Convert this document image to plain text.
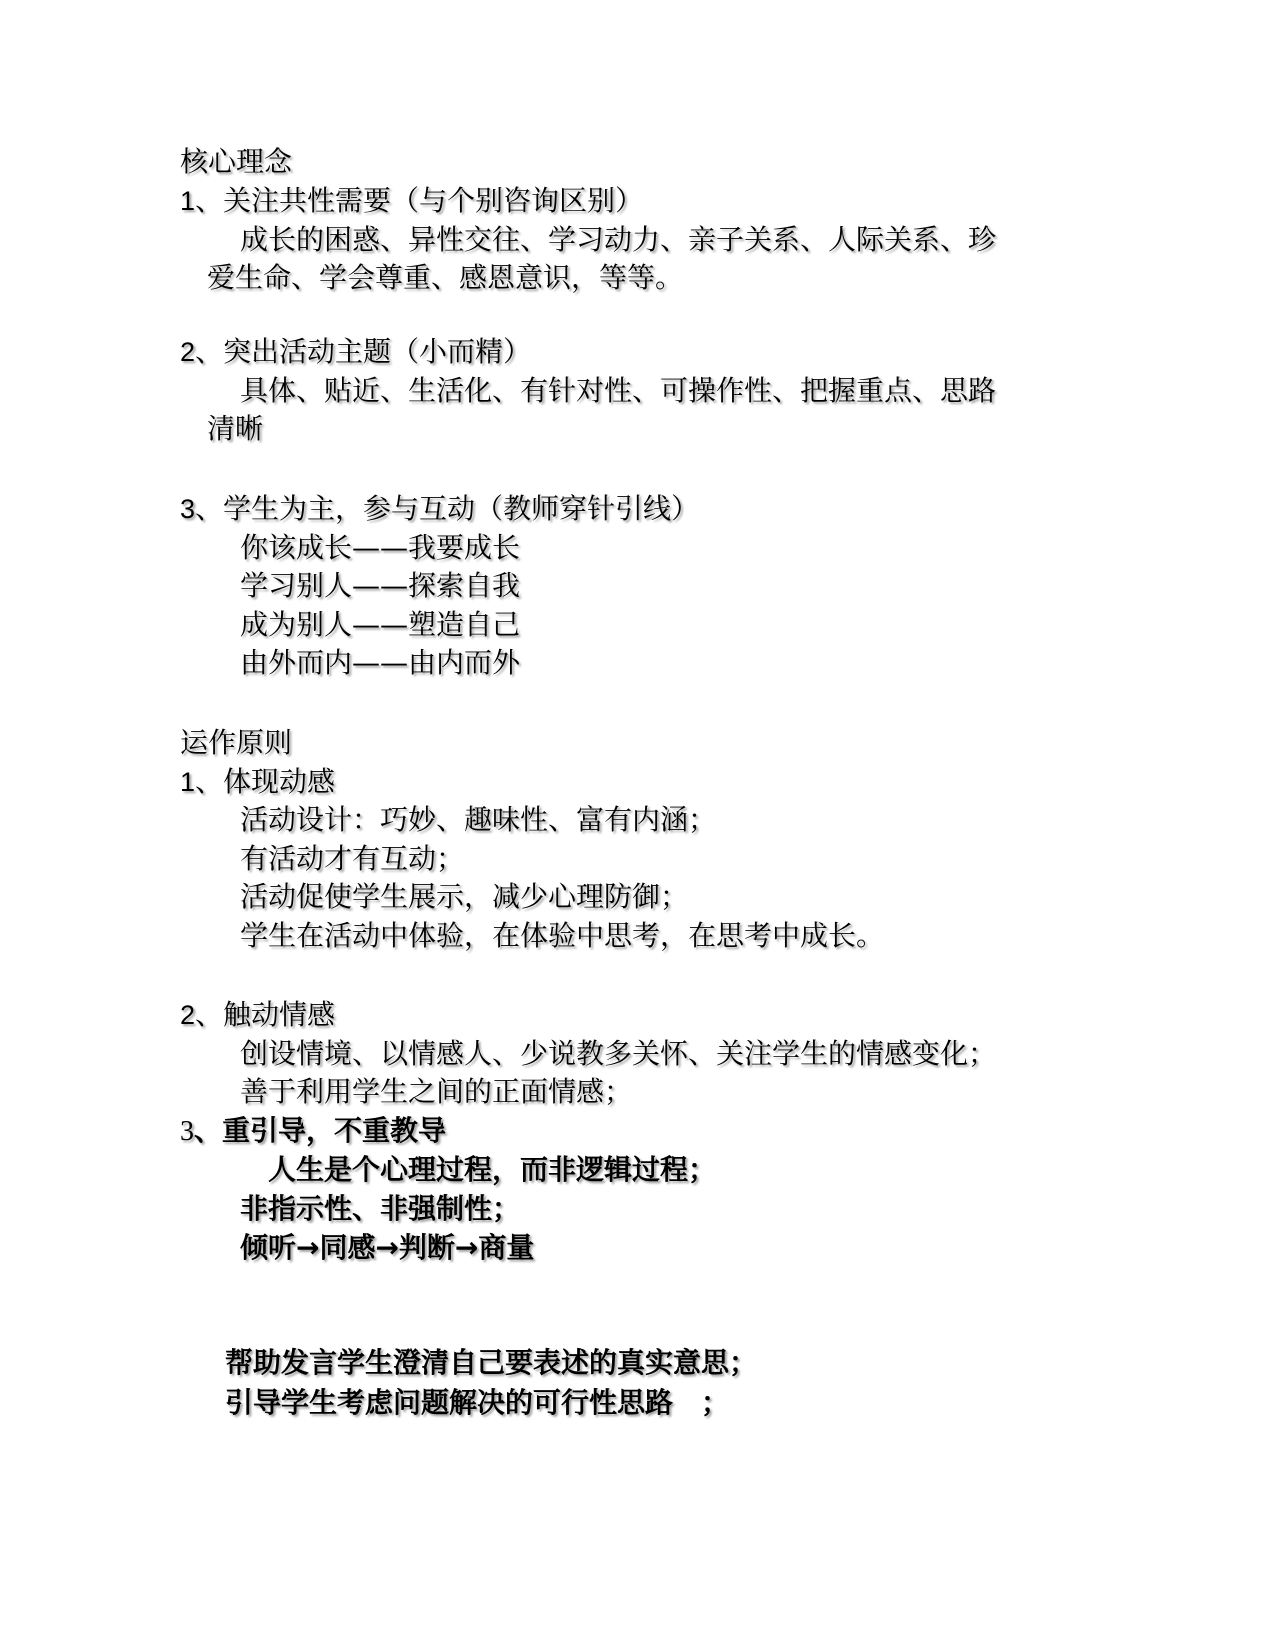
核心理念
1、关注共性需要（与个别咨询区别）
成长的困惑、异性交往、学习动力、亲子关系、人际关系、珍
爱生命、学会尊重、感恩意识，等等。
2、突出活动主题（小而精）
具体、贴近、生活化、有针对性、可操作性、把握重点、思路
清晰
3、学生为主，参与互动（教师穿针引线）
你该成长——我要成长
学习别人——探索自我
成为别人——塑造自己
由外而内——由内而外
运作原则
1、体现动感
活动设计：巧妙、趣味性、富有内涵；
有活动才有互动；
活动促使学生展示，减少心理防御；
学生在活动中体验，在体验中思考，在思考中成长。
2、触动情感
创设情境、以情感人、少说教多关怀、关注学生的情感变化；
善于利用学生之间的正面情感；
3、重引导，不重教导
人生是个心理过程，而非逻辑过程；
非指示性、非强制性；
倾听→同感→判断→商量
帮助发言学生澄清自己要表述的真实意思；
引导学生考虑问题解决的可行性思路　；
